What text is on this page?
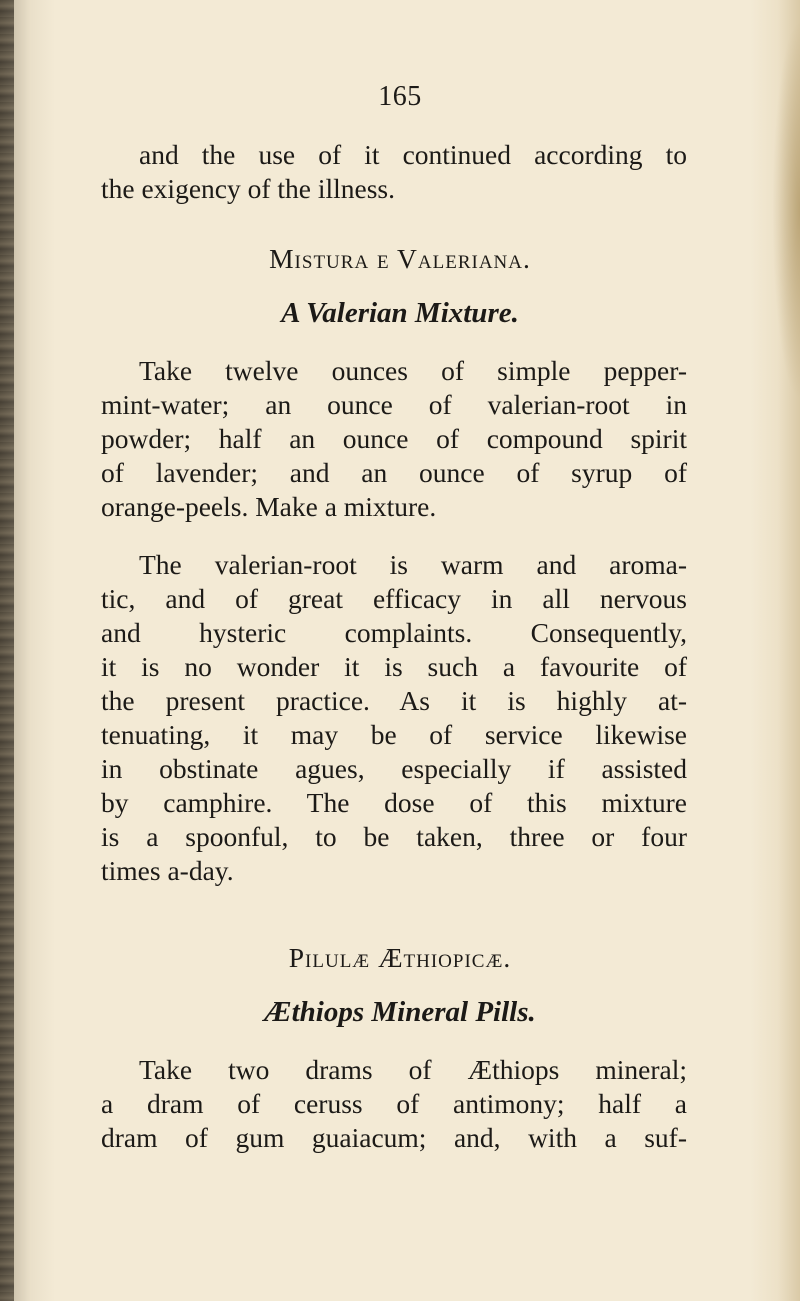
165
and the use of it continued according to
the exigency of the illness.
Mistura e Valeriana.
A Valerian Mixture.
Take twelve ounces of simple pepper-
mint-water; an ounce of valerian-root in
powder; half an ounce of compound spirit
of lavender; and an ounce of syrup of
orange-peels. Make a mixture.
The valerian-root is warm and aroma-
tic, and of great efficacy in all nervous
and hysteric complaints. Consequently,
it is no wonder it is such a favourite of
the present practice. As it is highly at-
tenuating, it may be of service likewise
in obstinate agues, especially if assisted
by camphire. The dose of this mixture
is a spoonful, to be taken, three or four
times a-day.
Pilulæ Æthiopicæ.
Æthiops Mineral Pills.
Take two drams of Æthiops mineral;
a dram of ceruss of antimony; half a
dram of gum guaiacum; and, with a suf-
